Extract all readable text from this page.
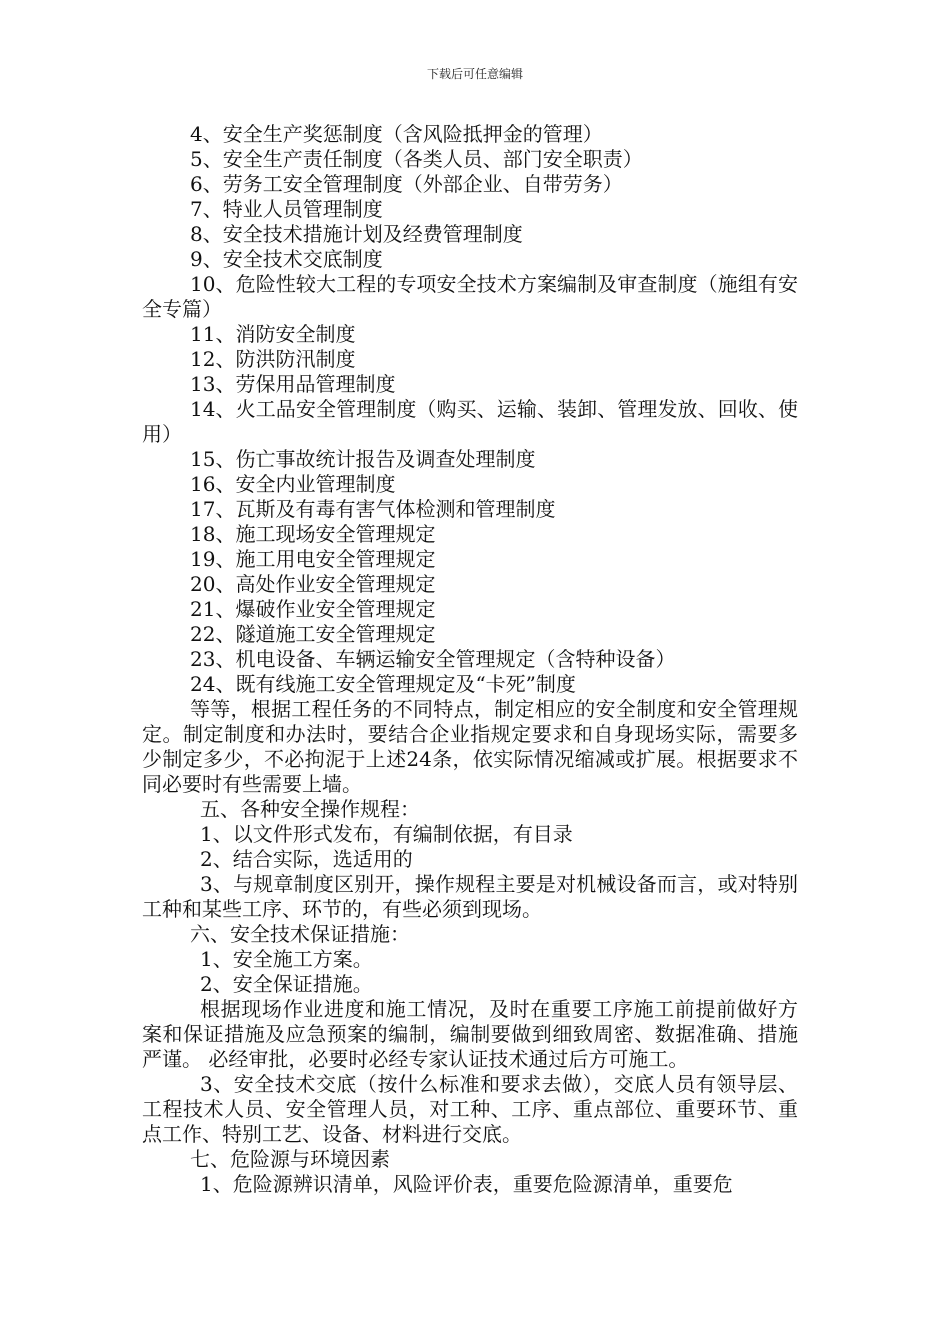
下载后可任意编辑

4、安全生产奖惩制度（含风险抵押金的管理）

5、安全生产责任制度（各类人员、部门安全职责）

6、劳务工安全管理制度（外部企业、自带劳务）

7、特业人员管理制度

8、安全技术措施计划及经费管理制度

9、安全技术交底制度

10、危险性较大工程的专项安全技术方案编制及审查制度（施组有安全专篇）

11、消防安全制度

12、防洪防汛制度

13、劳保用品管理制度

14、火工品安全管理制度（购买、运输、装卸、管理发放、回收、使用）

15、伤亡事故统计报告及调查处理制度

16、安全内业管理制度

17、瓦斯及有毒有害气体检测和管理制度

18、施工现场安全管理规定

19、施工用电安全管理规定

20、高处作业安全管理规定

21、爆破作业安全管理规定

22、隧道施工安全管理规定

23、机电设备、车辆运输安全管理规定（含特种设备）

24、既有线施工安全管理规定及“卡死”制度

等等，根据工程任务的不同特点，制定相应的安全制度和安全管理规定。制定制度和办法时，要结合企业指规定要求和自身现场实际，需要多少制定多少，不必拘泥于上述24条，依实际情况缩减或扩展。根据要求不同必要时有些需要上墙。

五、各种安全操作规程：

1、以文件形式发布，有编制依据，有目录

2、结合实际，选适用的

3、与规章制度区别开，操作规程主要是对机械设备而言，或对特别工种和某些工序、环节的，有些必须到现场。

六、安全技术保证措施：

1、安全施工方案。

2、安全保证措施。

根据现场作业进度和施工情况，及时在重要工序施工前提前做好方案和保证措施及应急预案的编制，编制要做到细致周密、数据准确、措施严谨。 必经审批，必要时必经专家认证技术通过后方可施工。

3、安全技术交底（按什么标准和要求去做），交底人员有领导层、工程技术人员、安全管理人员，对工种、工序、重点部位、重要环节、重点工作、特别工艺、设备、材料进行交底。

七、危险源与环境因素

1、危险源辨识清单，风险评价表，重要危险源清单，重要危
